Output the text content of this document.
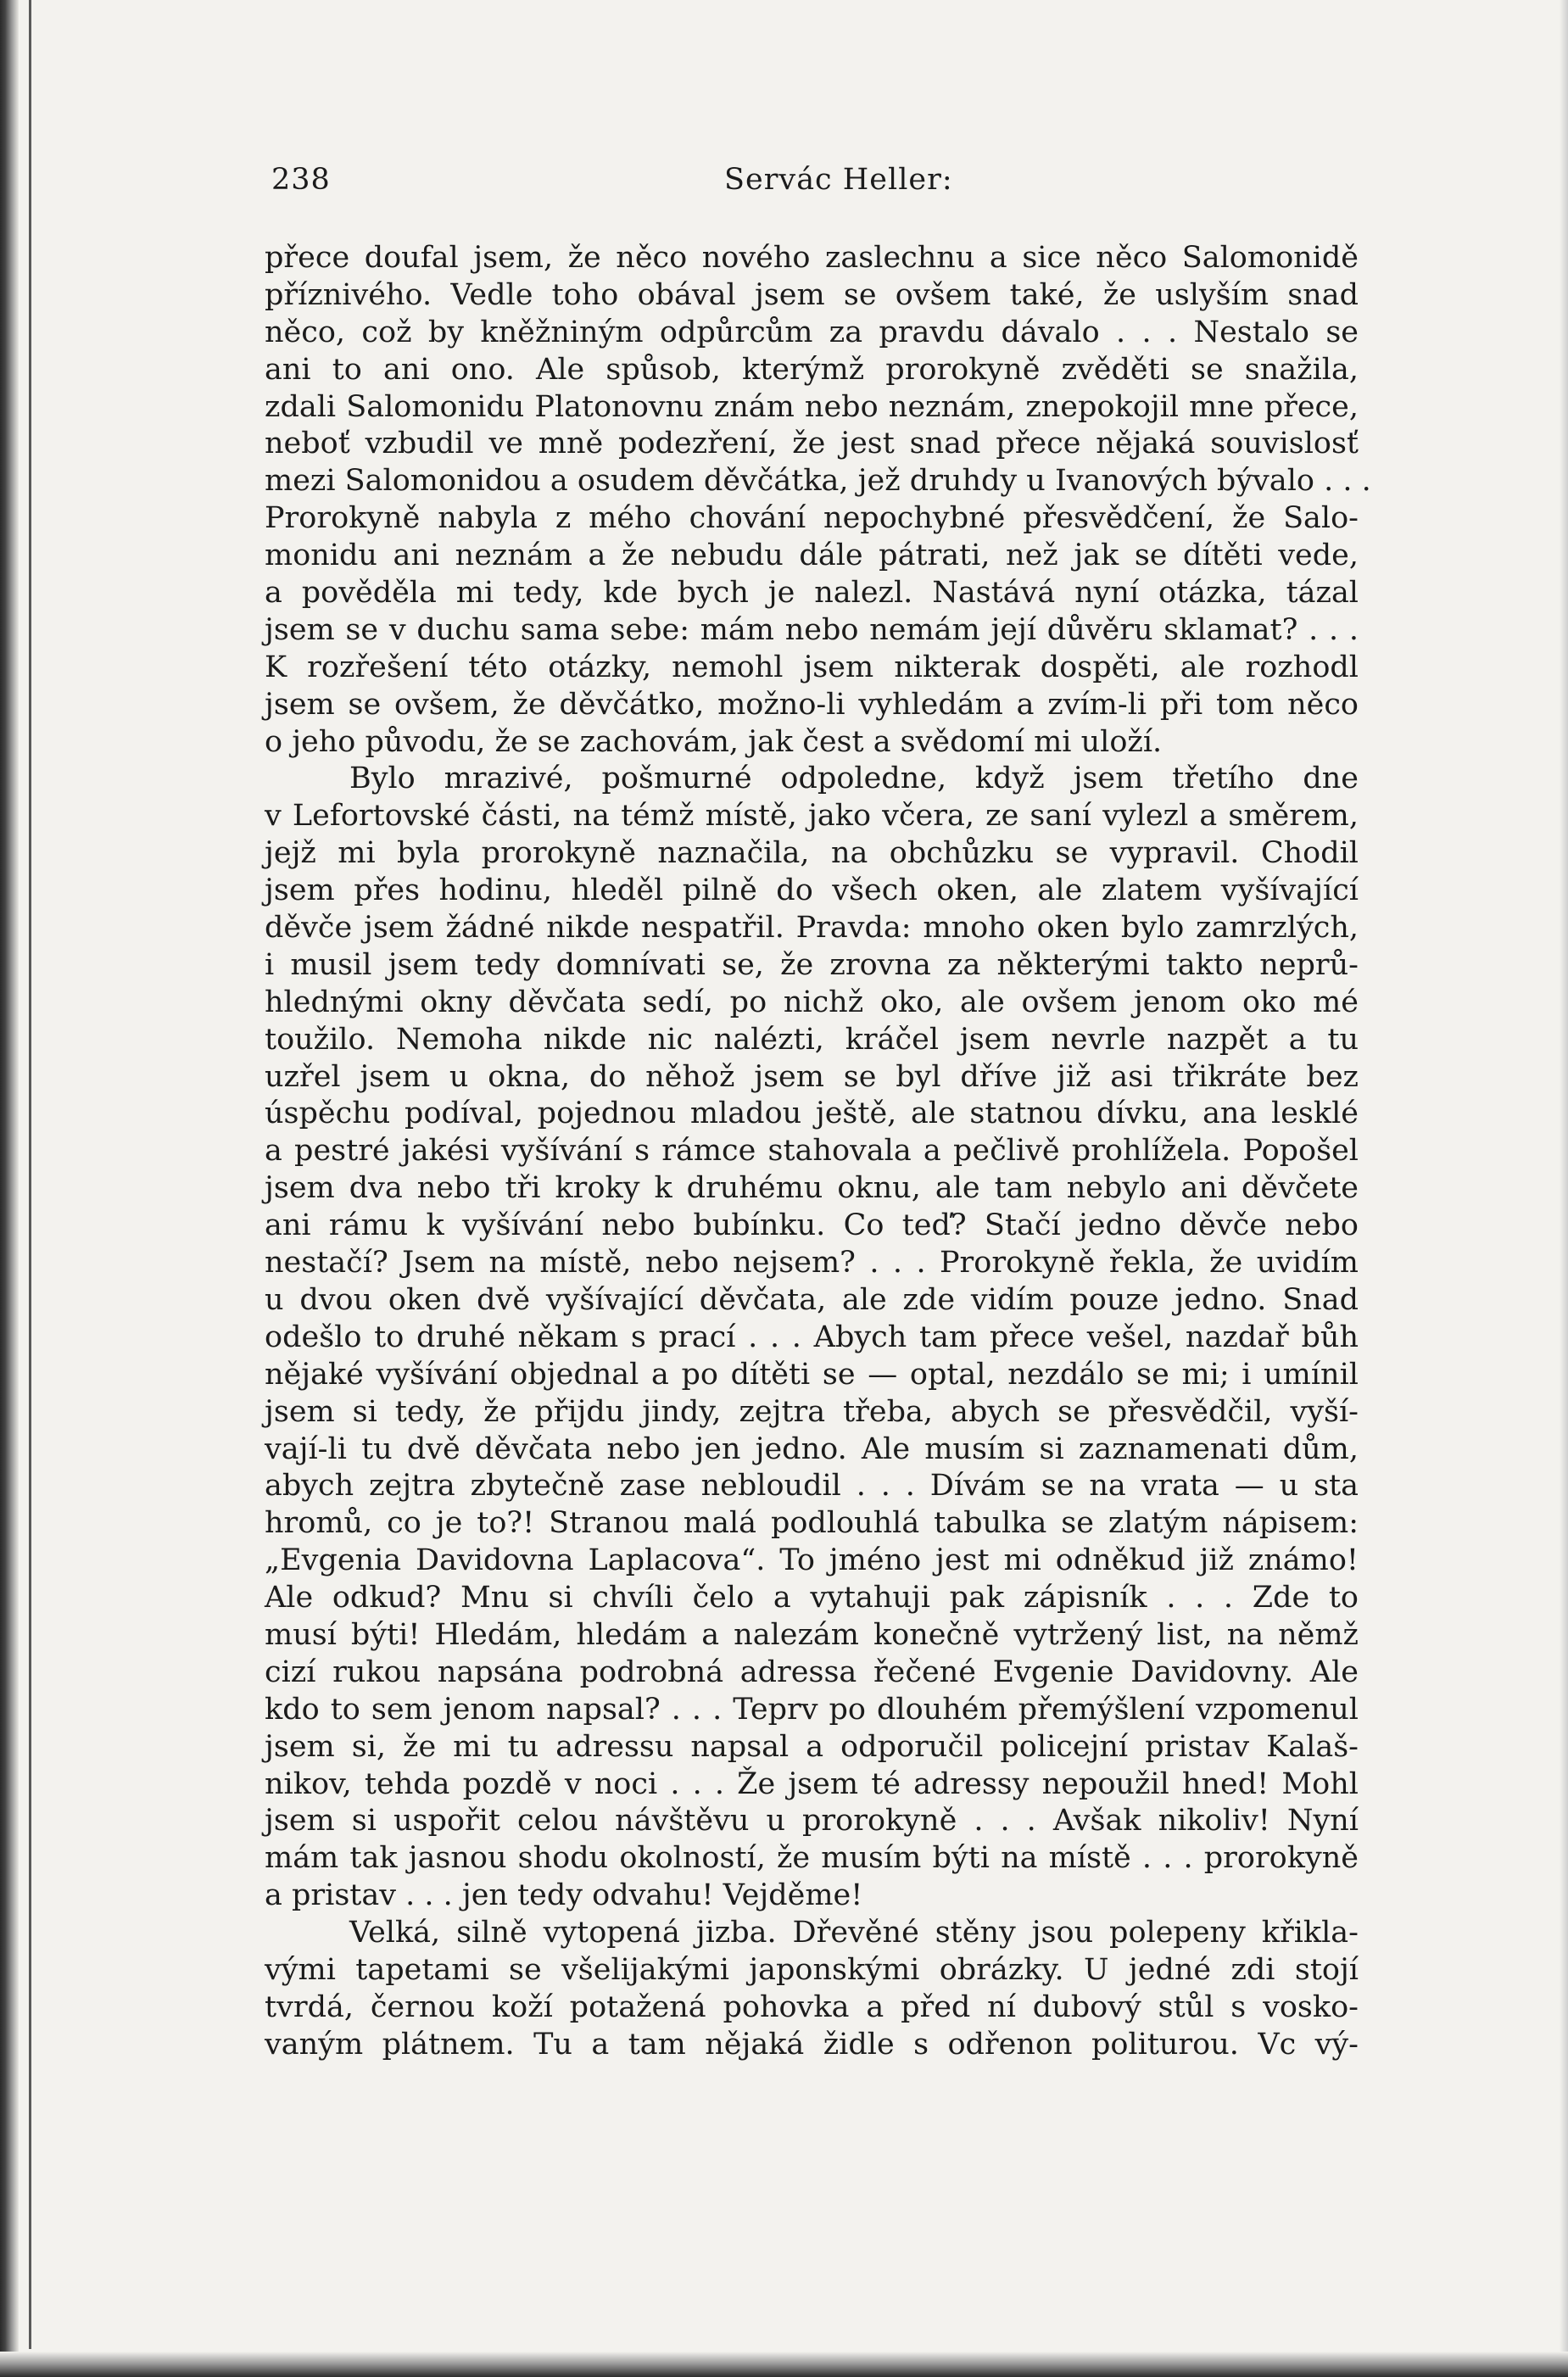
238	Servác Heller:
přece doufal jsem, že něco nového zaslechnu a sice něco Salomonidě
příznivého. Vedle toho obával jsem se ovšem také, že uslyším snad
něco, což by kněžniným odpůrcům za pravdu dávalo . . . Nestalo se
ani to ani ono. Ale spůsob, kterýmž prorokyně zvěděti se snažila,
zdali Salomonidu Platonovnu znám nebo neznám, znepokojil mne přece,
neboť vzbudil ve mně podezření, že jest snad přece nějaká souvislosť
mezi Salomonidou a osudem děvčátka, jež druhdy u Ivanových bývalo . . .
Prorokyně nabyla z mého chování nepochybné přesvědčení, že Salo-
monidu ani neznám a že nebudu dále pátrati, než jak se dítěti vede,
a pověděla mi tedy, kde bych je nalezl. Nastává nyní otázka, tázal
jsem se v duchu sama sebe: mám nebo nemám její důvěru sklamat? . . .
K rozřešení této otázky, nemohl jsem nikterak dospěti, ale rozhodl
jsem se ovšem, že děvčátko, možno-li vyhledám a zvím-li při tom něco
o jeho původu, že se zachovám, jak čest a svědomí mi uloží.
Bylo mrazivé, pošmurné odpoledne, když jsem třetího dne
v Lefortovské části, na témž místě, jako včera, ze saní vylezl a směrem,
jejž mi byla prorokyně naznačila, na obchůzku se vypravil. Chodil
jsem přes hodinu, hleděl pilně do všech oken, ale zlatem vyšívající
děvče jsem žádné nikde nespatřil. Pravda: mnoho oken bylo zamrzlých,
i musil jsem tedy domnívati se, že zrovna za některými takto neprů-
hlednými okny děvčata sedí, po nichž oko, ale ovšem jenom oko mé
toužilo. Nemoha nikde nic nalézti, kráčel jsem nevrle nazpět a tu
uzřel jsem u okna, do něhož jsem se byl dříve již asi třikráte bez
úspěchu podíval, pojednou mladou ještě, ale statnou dívku, ana lesklé
a pestré jakési vyšívání s rámce stahovala a pečlivě prohlížela. Popošel
jsem dva nebo tři kroky k druhému oknu, ale tam nebylo ani děvčete
ani rámu k vyšívání nebo bubínku. Co teď? Stačí jedno děvče nebo
nestačí? Jsem na místě, nebo nejsem? . . . Prorokyně řekla, že uvidím
u dvou oken dvě vyšívající děvčata, ale zde vidím pouze jedno. Snad
odešlo to druhé někam s prací . . . Abych tam přece vešel, nazdař bůh
nějaké vyšívání objednal a po dítěti se — optal, nezdálo se mi; i umínil
jsem si tedy, že přijdu jindy, zejtra třeba, abych se přesvědčil, vyší-
vají-li tu dvě děvčata nebo jen jedno. Ale musím si zaznamenati dům,
abych zejtra zbytečně zase nebloudil . . . Dívám se na vrata — u sta
hromů, co je to?! Stranou malá podlouhlá tabulka se zlatým nápisem:
„Evgenia Davidovna Laplacova“. To jméno jest mi odněkud již známo!
Ale odkud? Mnu si chvíli čelo a vytahuji pak zápisník . . . Zde to
musí býti! Hledám, hledám a nalezám konečně vytržený list, na němž
cizí rukou napsána podrobná adressa řečené Evgenie Davidovny. Ale
kdo to sem jenom napsal? . . . Teprv po dlouhém přemýšlení vzpomenul
jsem si, že mi tu adressu napsal a odporučil policejní pristav Kalaš-
nikov, tehda pozdě v noci . . . Že jsem té adressy nepoužil hned! Mohl
jsem si uspořit celou návštěvu u prorokyně . . . Avšak nikoliv! Nyní
mám tak jasnou shodu okolností, že musím býti na místě . . . prorokyně
a pristav . . . jen tedy odvahu! Vejděme!
Velká, silně vytopená jizba. Dřevěné stěny jsou polepeny křikla-
vými tapetami se všelijakými japonskými obrázky. U jedné zdi stojí
tvrdá, černou koží potažená pohovka a před ní dubový stůl s vosko-
vaným plátnem. Tu a tam nějaká židle s odřenon politurou. Vc vý-
